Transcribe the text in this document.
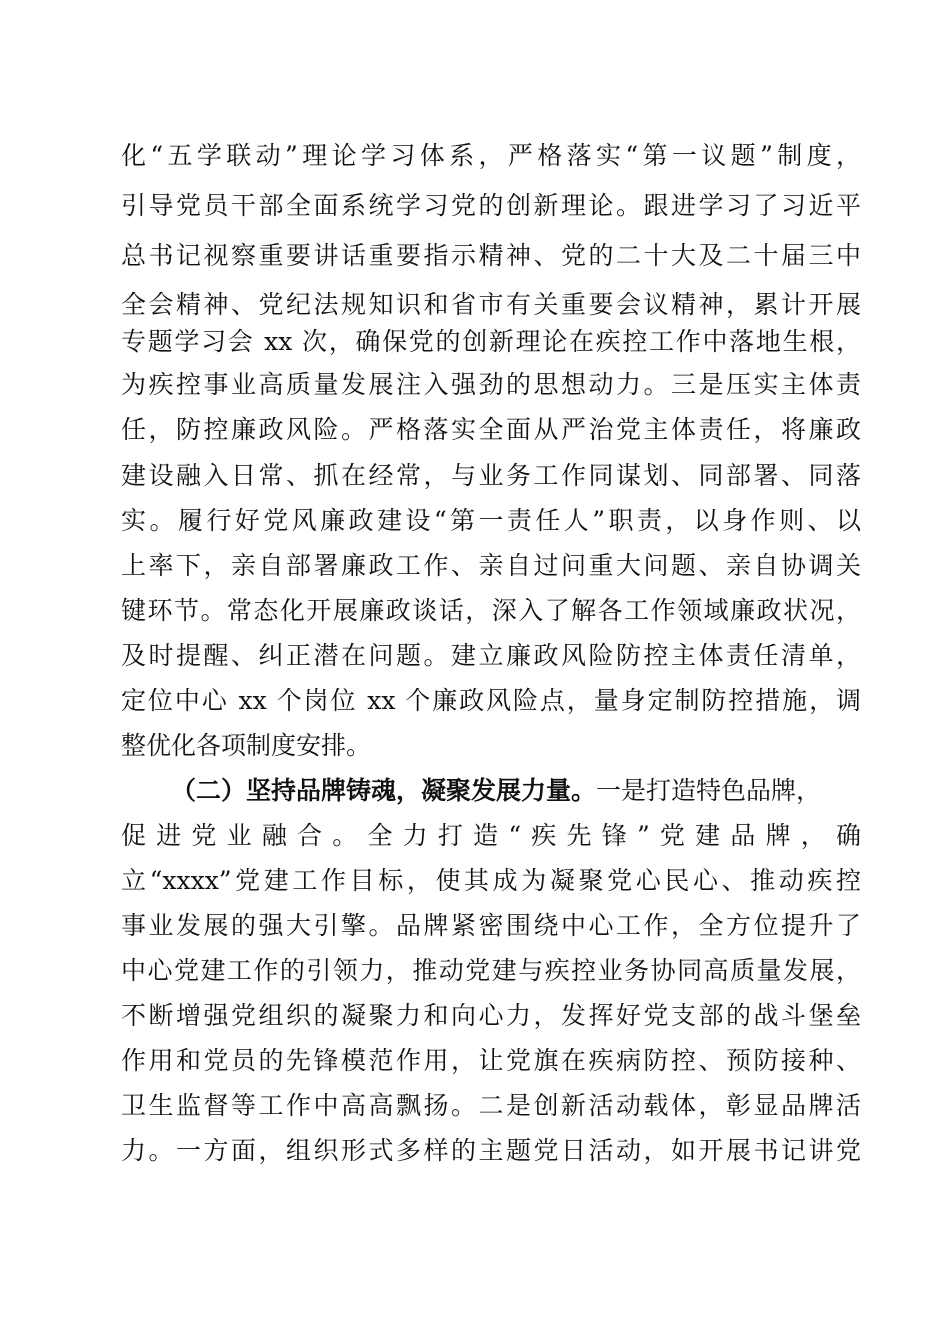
化“五学联动”理论学习体系，严格落实“第一议题”制度，
引导党员干部全面系统学习党的创新理论。跟进学习了习近平
总书记视察重要讲话重要指示精神、党的二十大及二十届三中
全会精神、党纪法规知识和省市有关重要会议精神，累计开展
专题学习会 xx 次，确保党的创新理论在疾控工作中落地生根，
为疾控事业高质量发展注入强劲的思想动力。三是压实主体责
任，防控廉政风险。严格落实全面从严治党主体责任，将廉政
建设融入日常、抓在经常，与业务工作同谋划、同部署、同落
实。履行好党风廉政建设“第一责任人”职责，以身作则、以
上率下，亲自部署廉政工作、亲自过问重大问题、亲自协调关
键环节。常态化开展廉政谈话，深入了解各工作领域廉政状况，
及时提醒、纠正潜在问题。建立廉政风险防控主体责任清单，
定位中心 xx 个岗位 xx 个廉政风险点，量身定制防控措施，调
整优化各项制度安排。
（二）坚持品牌铸魂，凝聚发展力量。一是打造特色品牌，
促进党业融合。全力打造“疾先锋”党建品牌，确
立“xxxx”党建工作目标，使其成为凝聚党心民心、推动疾控
事业发展的强大引擎。品牌紧密围绕中心工作，全方位提升了
中心党建工作的引领力，推动党建与疾控业务协同高质量发展，
不断增强党组织的凝聚力和向心力，发挥好党支部的战斗堡垒
作用和党员的先锋模范作用，让党旗在疾病防控、预防接种、
卫生监督等工作中高高飘扬。二是创新活动载体，彰显品牌活
力。一方面，组织形式多样的主题党日活动，如开展书记讲党
